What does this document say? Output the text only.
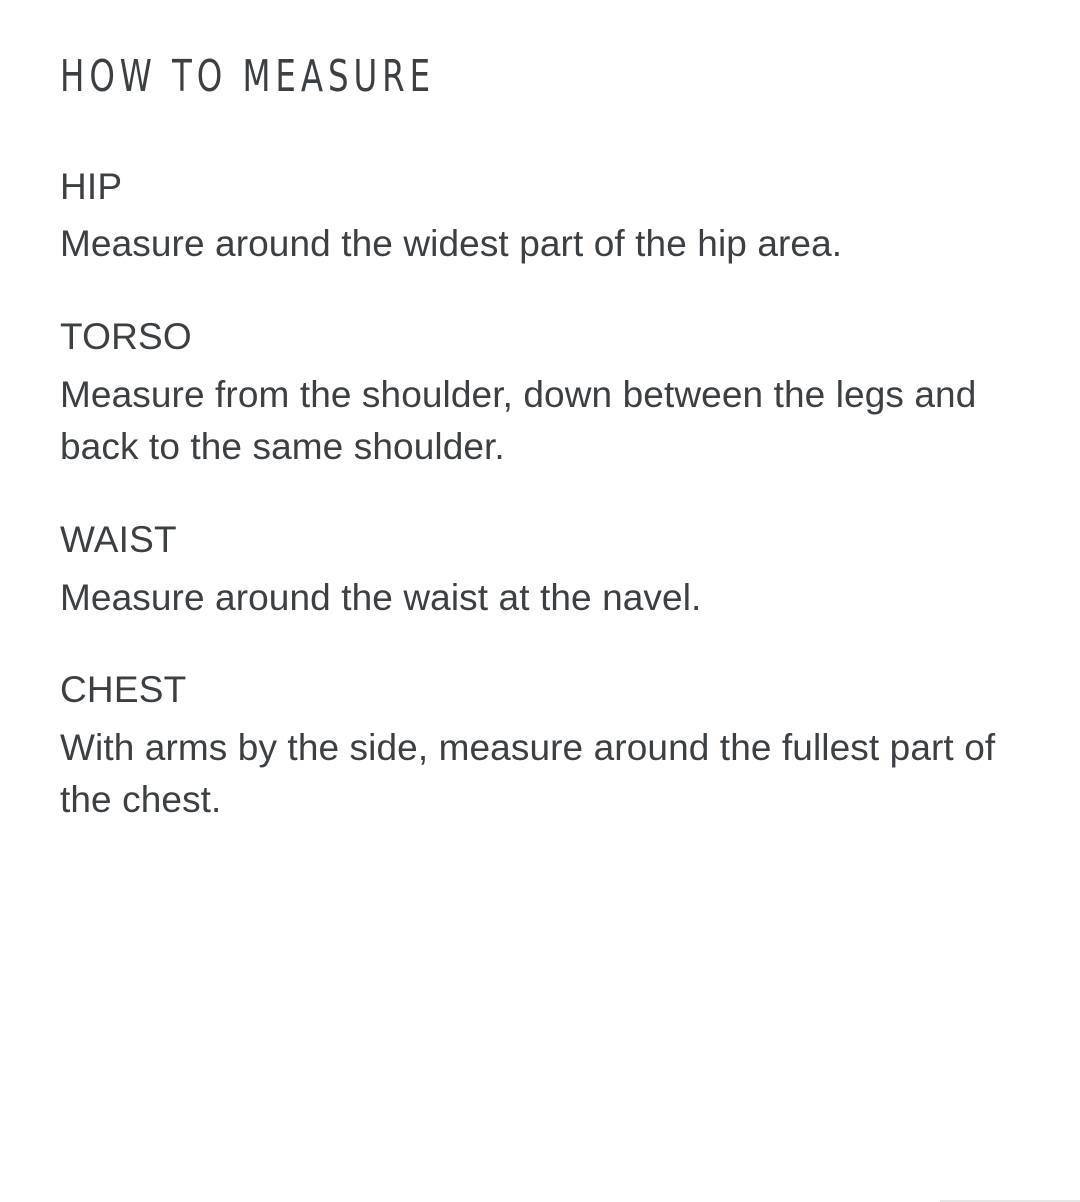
HOW TO MEASURE
HIP

Measure around the widest part of the hip area.

TORSO

Measure from the shoulder, down between the legs and back to the same shoulder.

WAIST

Measure around the waist at the navel.

CHEST

With arms by the side, measure around the fullest part of the chest.
